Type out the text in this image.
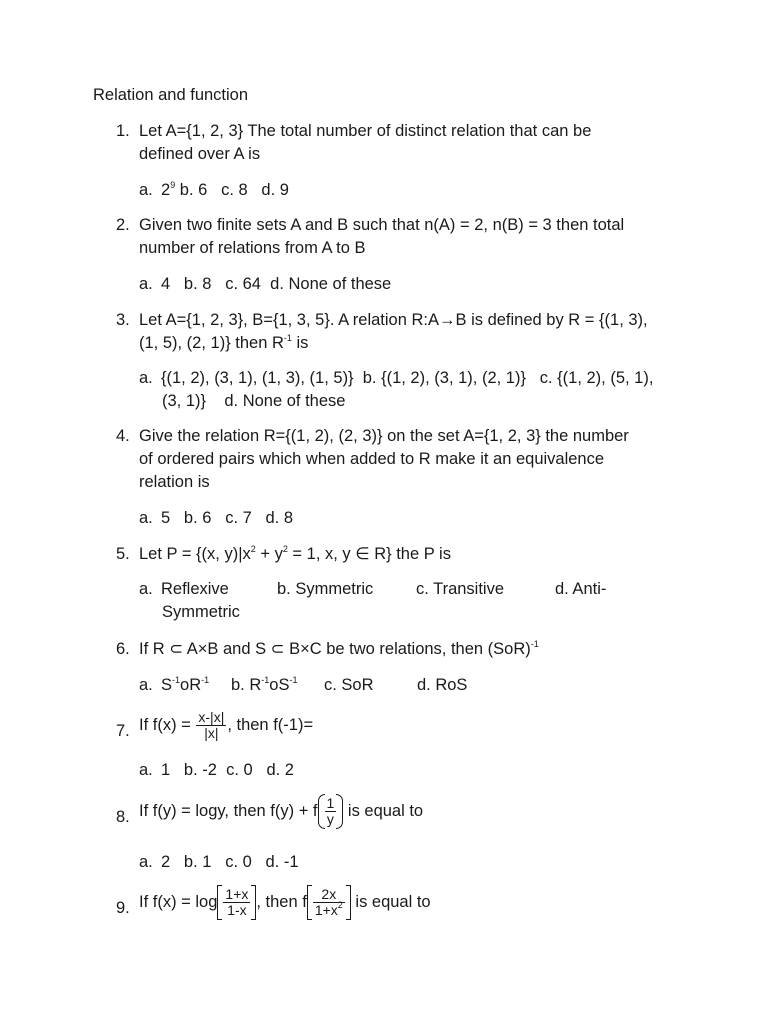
Relation and function
1. Let A={1, 2, 3} The total number of distinct relation that can be
defined over A is
a. $2^9$ b. 6   c. 8   d. 9
2. Given two finite sets A and B such that n(A) = 2, n(B) = 3 then total
number of relations from A to B
a. 4   b. 8   c. 64  d. None of these
3. Let A={1, 2, 3}, B={1, 3, 5}. A relation R:A→B is defined by R = {(1, 3),
(1, 5), (2, 1)} then $R^{-1}$ is
a. {(1, 2), (3, 1), (1, 3), (1, 5)}  b. {(1, 2), (3, 1), (2, 1)}   c. {(1, 2), (5, 1),
(3, 1)}    d. None of these
4. Give the relation R={(1, 2), (2, 3)} on the set A={1, 2, 3} the number
of ordered pairs which when added to R make it an equivalence
relation is
a. 5   b. 6   c. 7   d. 8
5. Let P = {(x, $y)|x^2 + y^2 = 1$, x, y ∈ R} the P is
a. Reflexive	b. Symmetric	c. Transitive	d. Anti-
Symmetric
6. If R ⊂ A×B and S ⊂ B×C be two relations, then (SoR)$^{-1}$
a. $S^{-1}oR^{-1}$ b. $R^{-1}oS^{-1}$ c. SoR	d. RoS
7. If $f(x) = \frac{x-|x|}{|x|}$ , then f(-1)=
a. 1   b. -2  c. 0   d. 2
8. If f(y) = logy, then f(y) + f $\frac{1}{y}$ is equal to
a. 2   b. 1   c. 0   d. -1
9. If $f(x) = \log \frac{1+x}{1-x}$ , then f $\frac{2x}{1+x^2}$ is equal to
